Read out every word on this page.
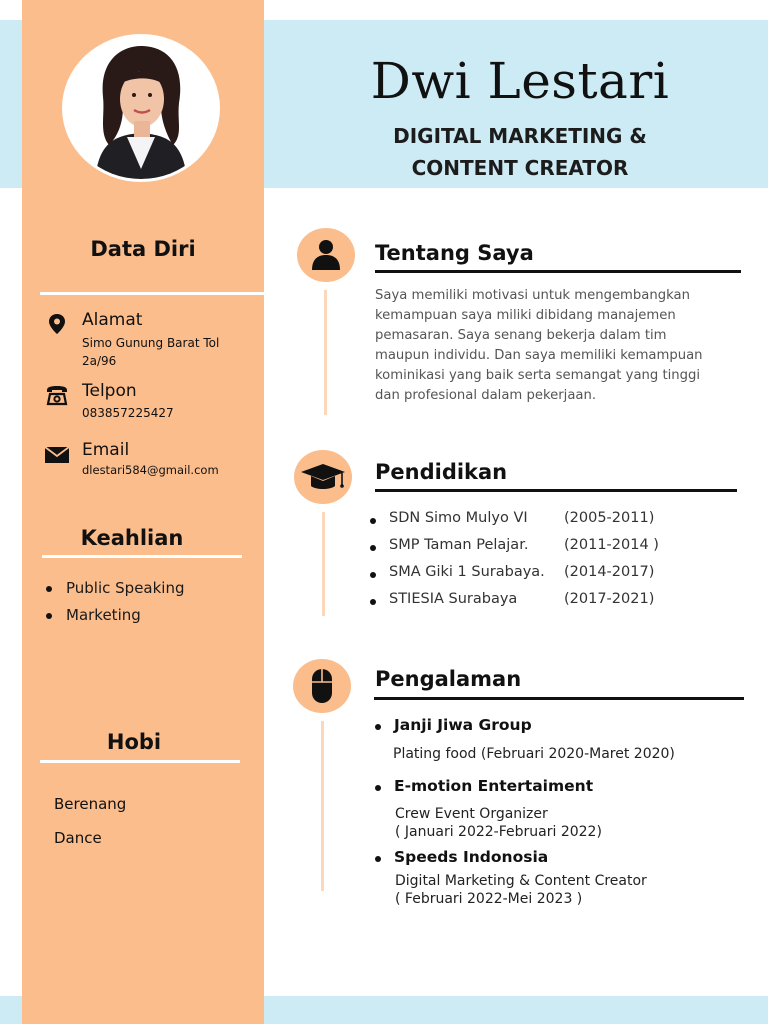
Dwi Lestari
DIGITAL MARKETING &
CONTENT CREATOR
Data Diri
Alamat
Simo Gunung Barat Tol 2a/96
Telpon
083857225427
Email
dlestari584@gmail.com
Keahlian
Public Speaking
Marketing
Hobi
Berenang
Dance
Tentang Saya
Saya memiliki motivasi untuk mengembangkan kemampuan saya miliki dibidang manajemen pemasaran. Saya senang bekerja dalam tim maupun individu. Dan saya memiliki kemampuan kominikasi yang baik serta semangat yang tinggi dan profesional dalam pekerjaan.
Pendidikan
SDN Simo Mulyo VI	(2005-2011)
SMP Taman Pelajar. (2011-2014 )
SMA Giki 1 Surabaya. (2014-2017)
STIESIA Surabaya	(2017-2021)
Pengalaman
Janji Jiwa Group
Plating food (Februari 2020-Maret 2020)
E-motion Entertaiment
Crew Event Organizer
( Januari 2022-Februari 2022)
Speeds Indonosia
Digital Marketing & Content Creator
( Februari 2022-Mei 2023 )
